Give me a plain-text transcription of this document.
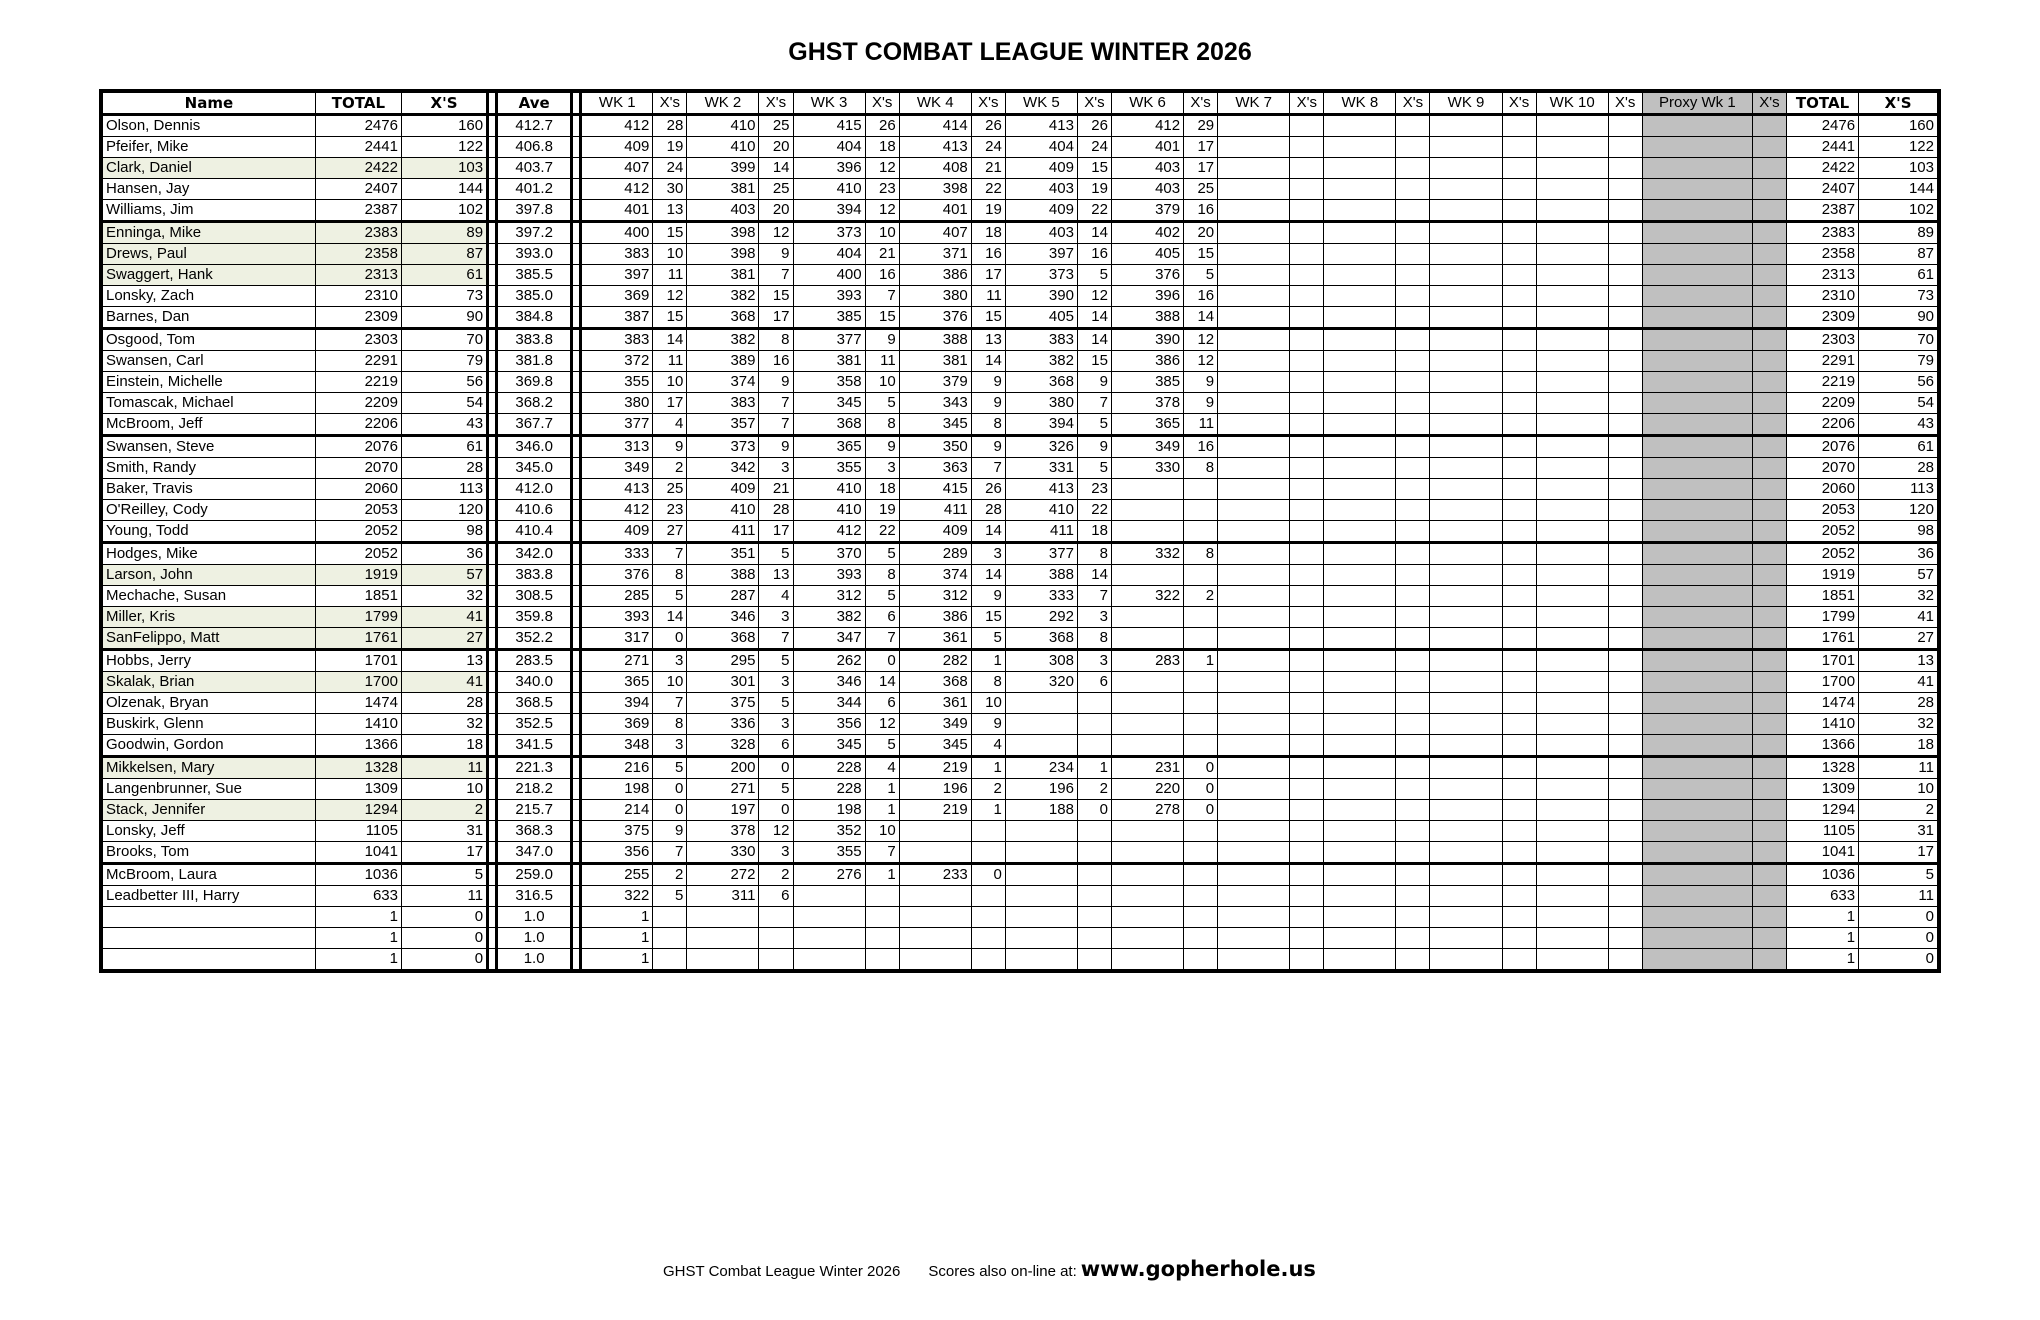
GHST COMBAT LEAGUE WINTER 2026
Name	TOTAL	X'S		Ave		WK 1	X's	WK 2	X's	WK 3	X's	WK 4	X's	WK 5	X's	WK 6	X's	WK 7	X's	WK 8	X's	WK 9	X's	WK 10	X's	Proxy Wk 1	X's	TOTAL	X'S
Olson, Dennis	2476	160		412.7		412	28	410	25	415	26	414	26	413	26	412	29											2476	160
Pfeifer, Mike	2441	122		406.8		409	19	410	20	404	18	413	24	404	24	401	17											2441	122
Clark, Daniel	2422	103		403.7		407	24	399	14	396	12	408	21	409	15	403	17											2422	103
Hansen, Jay	2407	144		401.2		412	30	381	25	410	23	398	22	403	19	403	25											2407	144
Williams, Jim	2387	102		397.8		401	13	403	20	394	12	401	19	409	22	379	16											2387	102
Enninga, Mike	2383	89		397.2		400	15	398	12	373	10	407	18	403	14	402	20											2383	89
Drews, Paul	2358	87		393.0		383	10	398	9	404	21	371	16	397	16	405	15											2358	87
Swaggert, Hank	2313	61		385.5		397	11	381	7	400	16	386	17	373	5	376	5											2313	61
Lonsky, Zach	2310	73		385.0		369	12	382	15	393	7	380	11	390	12	396	16											2310	73
Barnes, Dan	2309	90		384.8		387	15	368	17	385	15	376	15	405	14	388	14											2309	90
Osgood, Tom	2303	70		383.8		383	14	382	8	377	9	388	13	383	14	390	12											2303	70
Swansen, Carl	2291	79		381.8		372	11	389	16	381	11	381	14	382	15	386	12											2291	79
Einstein, Michelle	2219	56		369.8		355	10	374	9	358	10	379	9	368	9	385	9											2219	56
Tomascak, Michael	2209	54		368.2		380	17	383	7	345	5	343	9	380	7	378	9											2209	54
McBroom, Jeff	2206	43		367.7		377	4	357	7	368	8	345	8	394	5	365	11											2206	43
Swansen, Steve	2076	61		346.0		313	9	373	9	365	9	350	9	326	9	349	16											2076	61
Smith, Randy	2070	28		345.0		349	2	342	3	355	3	363	7	331	5	330	8											2070	28
Baker, Travis	2060	113		412.0		413	25	409	21	410	18	415	26	413	23													2060	113
O'Reilley, Cody	2053	120		410.6		412	23	410	28	410	19	411	28	410	22													2053	120
Young, Todd	2052	98		410.4		409	27	411	17	412	22	409	14	411	18													2052	98
Hodges, Mike	2052	36		342.0		333	7	351	5	370	5	289	3	377	8	332	8											2052	36
Larson, John	1919	57		383.8		376	8	388	13	393	8	374	14	388	14													1919	57
Mechache, Susan	1851	32		308.5		285	5	287	4	312	5	312	9	333	7	322	2											1851	32
Miller, Kris	1799	41		359.8		393	14	346	3	382	6	386	15	292	3													1799	41
SanFelippo, Matt	1761	27		352.2		317	0	368	7	347	7	361	5	368	8													1761	27
Hobbs, Jerry	1701	13		283.5		271	3	295	5	262	0	282	1	308	3	283	1											1701	13
Skalak, Brian	1700	41		340.0		365	10	301	3	346	14	368	8	320	6													1700	41
Olzenak, Bryan	1474	28		368.5		394	7	375	5	344	6	361	10															1474	28
Buskirk, Glenn	1410	32		352.5		369	8	336	3	356	12	349	9															1410	32
Goodwin, Gordon	1366	18		341.5		348	3	328	6	345	5	345	4															1366	18
Mikkelsen, Mary	1328	11		221.3		216	5	200	0	228	4	219	1	234	1	231	0											1328	11
Langenbrunner, Sue	1309	10		218.2		198	0	271	5	228	1	196	2	196	2	220	0											1309	10
Stack, Jennifer	1294	2		215.7		214	0	197	0	198	1	219	1	188	0	278	0											1294	2
Lonsky, Jeff	1105	31		368.3		375	9	378	12	352	10																	1105	31
Brooks, Tom	1041	17		347.0		356	7	330	3	355	7																	1041	17
McBroom, Laura	1036	5		259.0		255	2	272	2	276	1	233	0															1036	5
Leadbetter III, Harry	633	11		316.5		322	5	311	6																			633	11
	1	0		1.0		1																						1	0
	1	0		1.0		1																						1	0
	1	0		1.0		1																						1	0
GHST Combat League Winter 2026 Scores also on-line at: www.gopherhole.us
